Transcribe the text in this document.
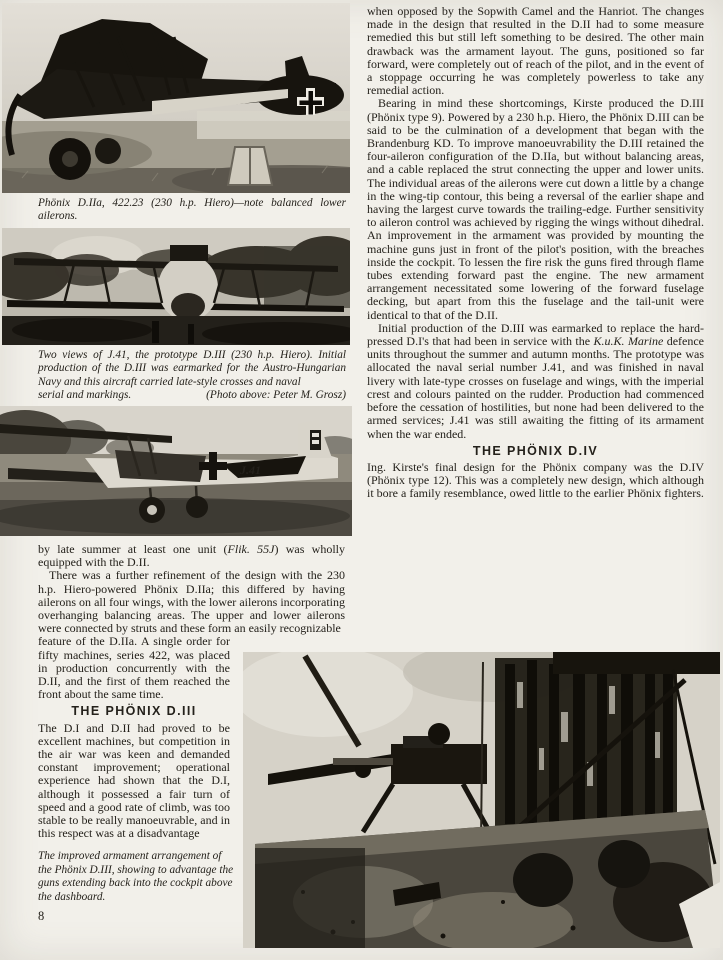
Phönix D.IIa, 422.23 (230 h.p. Hiero)—note balanced lower ailerons.
Two views of J.41, the prototype D.III (230 h.p. Hiero). Initial production of the D.III was earmarked for the Austro-Hungarian Navy and this aircraft carried late-style crosses and naval
serial and markings.	(Photo above: Peter M. Grosz)
J.41

by late summer at least one unit (Flik. 55J) was wholly equipped with the D.II.

There was a further refinement of the design with the 230 h.p. Hiero-powered Phönix D.IIa; this differed by having ailerons on all four wings, with the lower ailerons incorporating overhanging balancing areas. The upper and lower ailerons were connected by struts and these form an easily recognizable

feature of the D.IIa. A single order for fifty machines, series 422, was placed in production concurrently with the D.II, and the first of them reached the front about the same time.

THE PHÖNIX D.III

The D.I and D.II had proved to be excellent machines, but competition in the air war was keen and demanded constant improvement; operational experience had shown that the D.I, although it possessed a fair turn of speed and a good rate of climb, was too stable to be really manoeuvrable, and in this respect was at a disadvantage

The improved armament arrangement of the Phönix D.III, showing to advantage the guns extending back into the cockpit above the dashboard.
8

when opposed by the Sopwith Camel and the Hanriot. The changes made in the design that resulted in the D.II had to some measure remedied this but still left something to be desired. The other main drawback was the armament layout. The guns, positioned so far forward, were completely out of reach of the pilot, and in the event of a stoppage occurring he was completely powerless to take any remedial action.

Bearing in mind these shortcomings, Kirste produced the D.III (Phönix type 9). Powered by a 230 h.p. Hiero, the Phönix D.III can be said to be the culmination of a development that began with the Brandenburg KD. To improve manoeuvrability the D.III retained the four-aileron configuration of the D.IIa, but without balancing areas, and a cable replaced the strut connecting the upper and lower units. The individual areas of the ailerons were cut down a little by a change in the wing-tip contour, this being a reversal of the earlier shape and having the largest curve towards the trailing-edge. Further sensitivity to aileron control was achieved by rigging the wings without dihedral. An improvement in the armament was provided by mounting the machine guns just in front of the pilot's position, with the breaches inside the cockpit. To lessen the fire risk the guns fired through flame tubes extending forward past the engine. The new armament arrangement necessitated some lowering of the forward fuselage decking, but apart from this the fuselage and the tail-unit were identical to that of the D.II.

Initial production of the D.III was earmarked to replace the hard-pressed D.I's that had been in service with the K.u.K. Marine defence units throughout the summer and autumn months. The prototype was allocated the naval serial number J.41, and was finished in naval livery with late-type crosses on fuselage and wings, with the imperial crest and colours painted on the rudder. Production had commenced before the cessation of hostilities, but none had been delivered to the armed services; J.41 was still awaiting the fitting of its armament when the war ended.

THE PHÖNIX D.IV

Ing. Kirste's final design for the Phönix company was the D.IV (Phönix type 12). This was a completely new design, which although it bore a family resemblance, owed little to the earlier Phönix fighters.
